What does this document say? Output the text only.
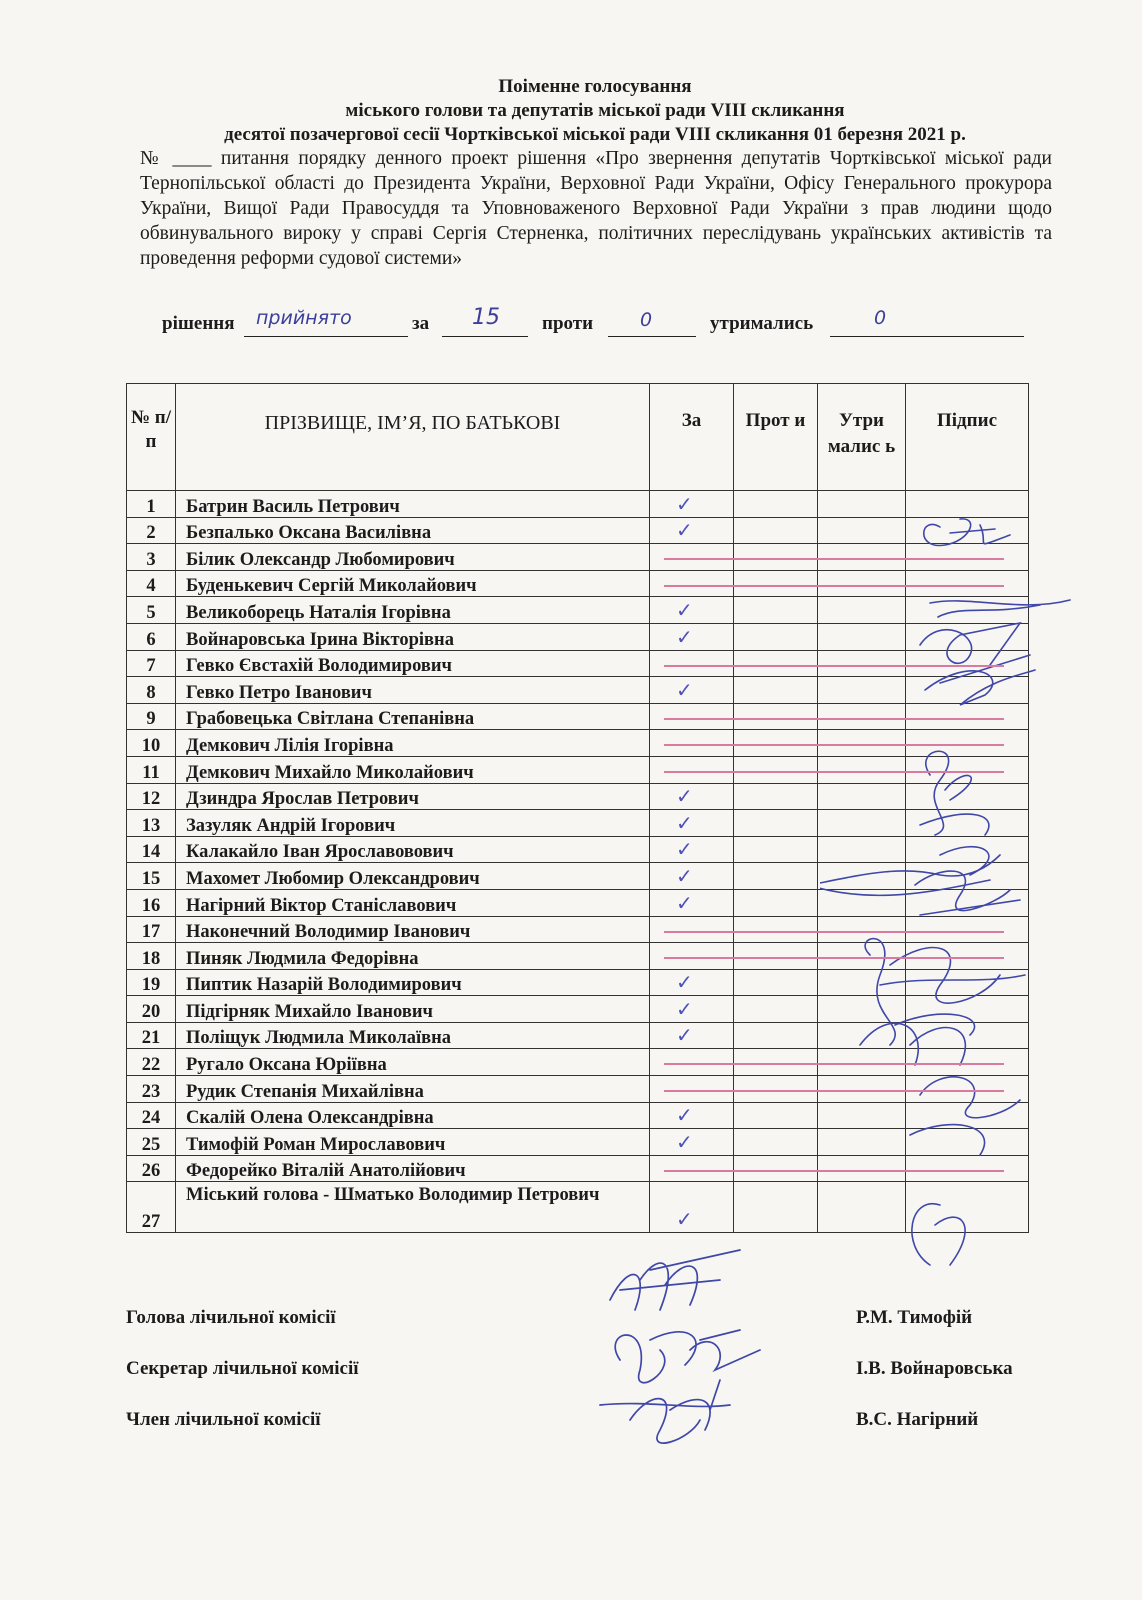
Поіменне голосування
міського голови та депутатів міської ради VIII скликання
десятої позачергової сесії Чортківської міської ради VIII скликання 01 березня 2021 р.
№ ____ питання порядку денного проект рішення «Про звернення депутатів Чортківської міської ради Тернопільської області до Президента України, Верховної Ради України, Офісу Генерального прокурора України, Вищої Ради Правосуддя та Уповноваженого Верховної Ради України з прав людини щодо обвинувального вироку у справі Сергія Стерненка, політичних переслідувань українських активістів та проведення реформи судової системи»
рішення прийнято	за 15 проти 0	утримались	0
№ п/п	ПРІЗВИЩЕ, ІМ’Я, ПО БАТЬКОВІ	За	Прот и	Утри малис ь	Підпис
1	Батрин Василь Петрович	✓			

2	Безпалько Оксана Василівна	✓			

3	Білик Олександр Любомирович	

4	Буденькевич Сергій Миколайович	

5	Великоборець Наталія Ігорівна	✓			

6	Войнаровська Ірина Вікторівна	✓			

7	Гевко Євстахій Володимирович	

8	Гевко Петро Іванович	✓			

9	Грабовецька Світлана Степанівна	

10	Демкович Лілія Ігорівна	

11	Демкович Михайло Миколайович	

12	Дзиндра Ярослав Петрович	✓			

13	Зазуляк Андрій Ігорович	✓			

14	Калакайло Іван Ярославовович	✓			

15	Махомет Любомир Олександрович	✓			

16	Нагірний Віктор Станіславович	✓			

17	Наконечний Володимир Іванович	

18	Пиняк Людмила Федорівна	

19	Пиптик Назарій Володимирович	✓			

20	Підгірняк Михайло Іванович	✓			

21	Поліщук Людмила Миколаївна	✓			

22	Ругало Оксана Юріївна	

23	Рудик Степанія Михайлівна	

24	Скалій Олена Олександрівна	✓			

25	Тимофій Роман Мирославович	✓			

26	Федорейко Віталій Анатолійович	

27	Міський голова - Шматько Володимир Петрович	✓			

Голова лічильної комісії	Р.М. Тимофій
Секретар лічильної комісії	І.В. Войнаровська
Член лічильної комісії	В.С. Нагірний
